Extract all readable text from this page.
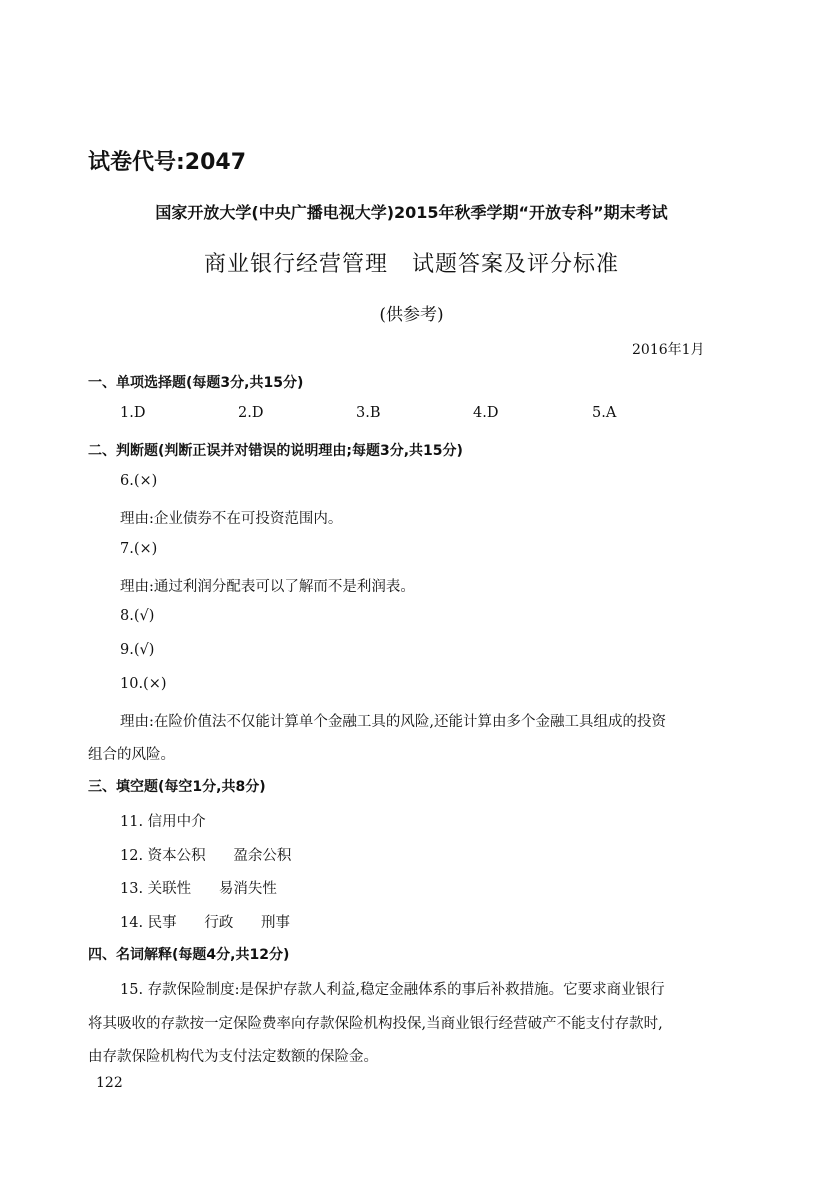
试卷代号:2047
国家开放大学(中央广播电视大学)2015年秋季学期“开放专科”期末考试
商业银行经营管理   试题答案及评分标准
(供参考)
2016年1月
一、单项选择题(每题3分,共15分)
1.D	2.D	3.B	4.D	5.A
二、判断题(判断正误并对错误的说明理由;每题3分,共15分)
6.(×)
理由:企业债券不在可投资范围内。
7.(×)
理由:通过利润分配表可以了解而不是利润表。
8.(√)
9.(√)
10.(×)
理由:在险价值法不仅能计算单个金融工具的风险,还能计算由多个金融工具组成的投资
组合的风险。
三、填空题(每空1分,共8分)
11. 信用中介
12. 资本公积      盈余公积
13. 关联性      易消失性
14. 民事      行政      刑事
四、名词解释(每题4分,共12分)
15. 存款保险制度:是保护存款人利益,稳定金融体系的事后补救措施。它要求商业银行
将其吸收的存款按一定保险费率向存款保险机构投保,当商业银行经营破产不能支付存款时,
由存款保险机构代为支付法定数额的保险金。
122
